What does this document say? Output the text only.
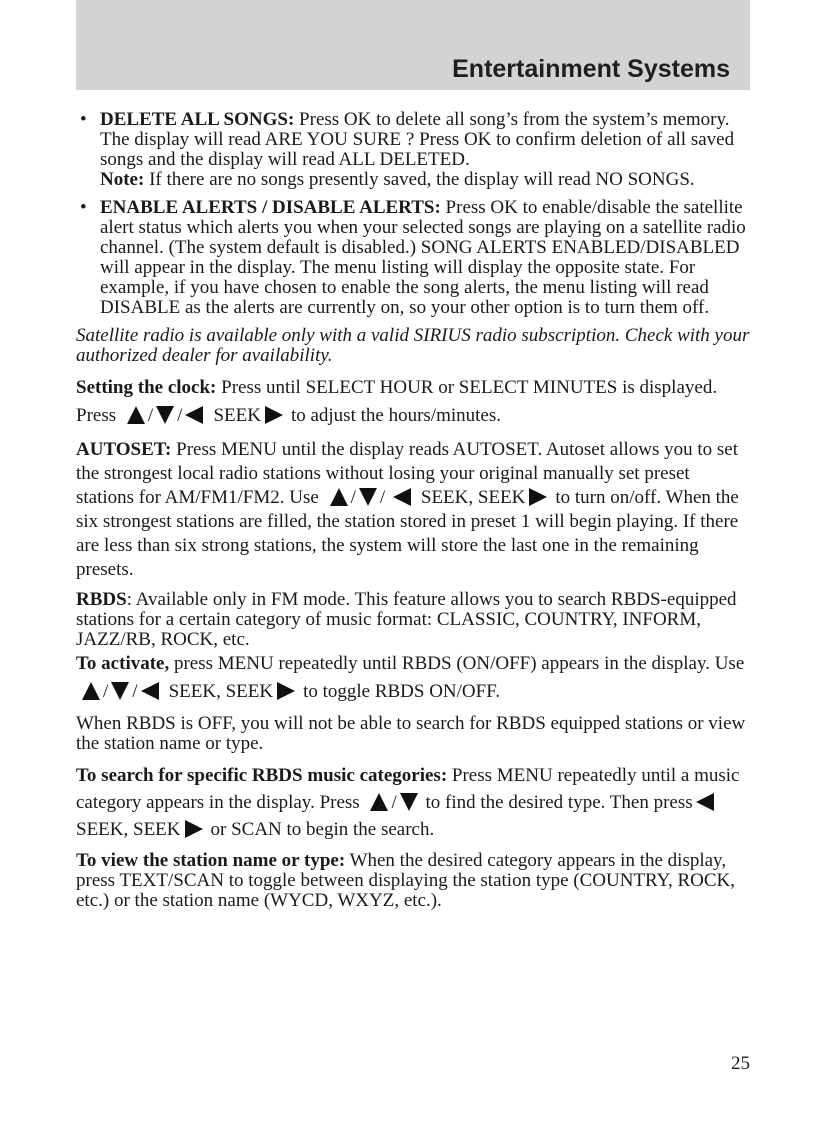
Entertainment Systems
• DELETE ALL SONGS: Press OK to delete all song’s from the system’s memory. The display will read ARE YOU SURE ? Press OK to confirm deletion of all saved songs and the display will read ALL DELETED.
Note: If there are no songs presently saved, the display will read NO SONGS.
• ENABLE ALERTS / DISABLE ALERTS: Press OK to enable/disable the satellite alert status which alerts you when your selected songs are playing on a satellite radio channel. (The system default is disabled.) SONG ALERTS ENABLED/DISABLED will appear in the display. The menu listing will display the opposite state. For example, if you have chosen to enable the song alerts, the menu listing will read DISABLE as the alerts are currently on, so your other option is to turn them off.

Satellite radio is available only with a valid SIRIUS radio subscription. Check with your authorized dealer for availability.

Setting the clock: Press until SELECT HOUR or SELECT MINUTES is displayed. Press / / SEEK to adjust the hours/minutes.

AUTOSET: Press MENU until the display reads AUTOSET. Autoset allows you to set the strongest local radio stations without losing your original manually set preset stations for AM/FM1/FM2. Use / / SEEK, SEEK to turn on/off. When the six strongest stations are filled, the station stored in preset 1 will begin playing. If there are less than six strong stations, the system will store the last one in the remaining presets.

RBDS: Available only in FM mode. This feature allows you to search RBDS-equipped stations for a certain category of music format: CLASSIC, COUNTRY, INFORM, JAZZ/RB, ROCK, etc.

To activate, press MENU repeatedly until RBDS (ON/OFF) appears in the display. Use / / SEEK, SEEK to toggle RBDS ON/OFF.

When RBDS is OFF, you will not be able to search for RBDS equipped stations or view the station name or type.

To search for specific RBDS music categories: Press MENU repeatedly until a music category appears in the display. Press / to find the desired type. Then pressSEEK, SEEK or SCAN to begin the search.

To view the station name or type: When the desired category appears in the display, press TEXT/SCAN to toggle between displaying the station type (COUNTRY, ROCK, etc.) or the station name (WYCD, WXYZ, etc.).

25
